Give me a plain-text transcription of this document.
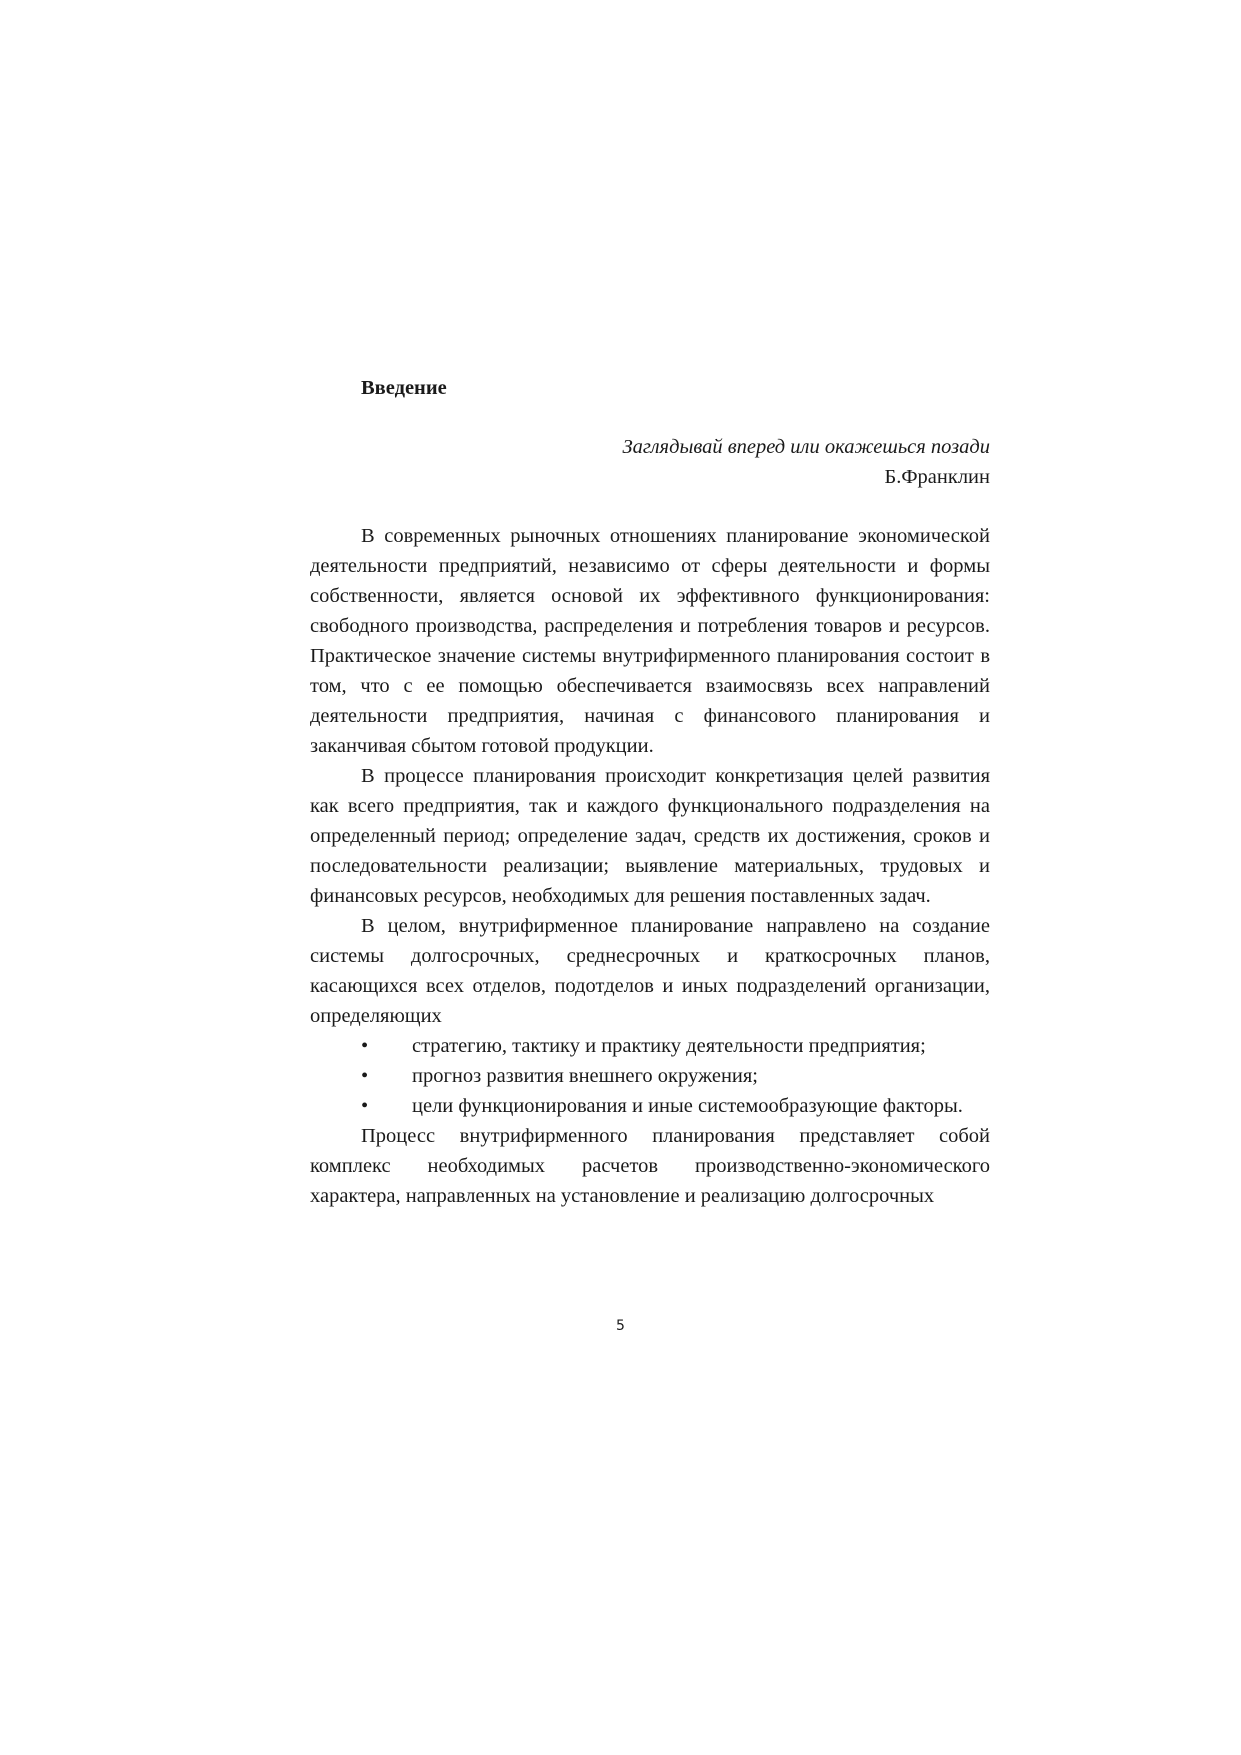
Введение
Заглядывай вперед или окажешься позади
Б.Франклин

В современных рыночных отношениях планирование экономической деятельности предприятий, независимо от сферы деятельности и формы собственности, является основой их эффективного функционирования: свободного производства, распределения и потребления товаров и ресурсов. Практическое значение системы внутрифирменного планирования состоит в том, что с ее помощью обеспечивается взаимосвязь всех направлений деятельности предприятия, начиная с финансового планирования и заканчивая сбытом готовой продукции.

В процессе планирования происходит конкретизация целей развития как всего предприятия, так и каждого функционального подразделения на определенный период; определение задач, средств их достижения, сроков и последовательности реализации; выявление материальных, трудовых и финансовых ресурсов, необходимых для решения поставленных задач.

В целом, внутрифирменное планирование направлено на создание системы долгосрочных, среднесрочных и краткосрочных планов, касающихся всех отделов, подотделов и иных подразделений организации, определяющих

• стратегию, тактику и практику деятельности предприятия;
• прогноз развития внешнего окружения;
• цели функционирования и иные системообразующие факторы.

Процесс внутрифирменного планирования представляет собой комплекс необходимых расчетов производственно-экономического характера, направленных на установление и реализацию долгосрочных

5
